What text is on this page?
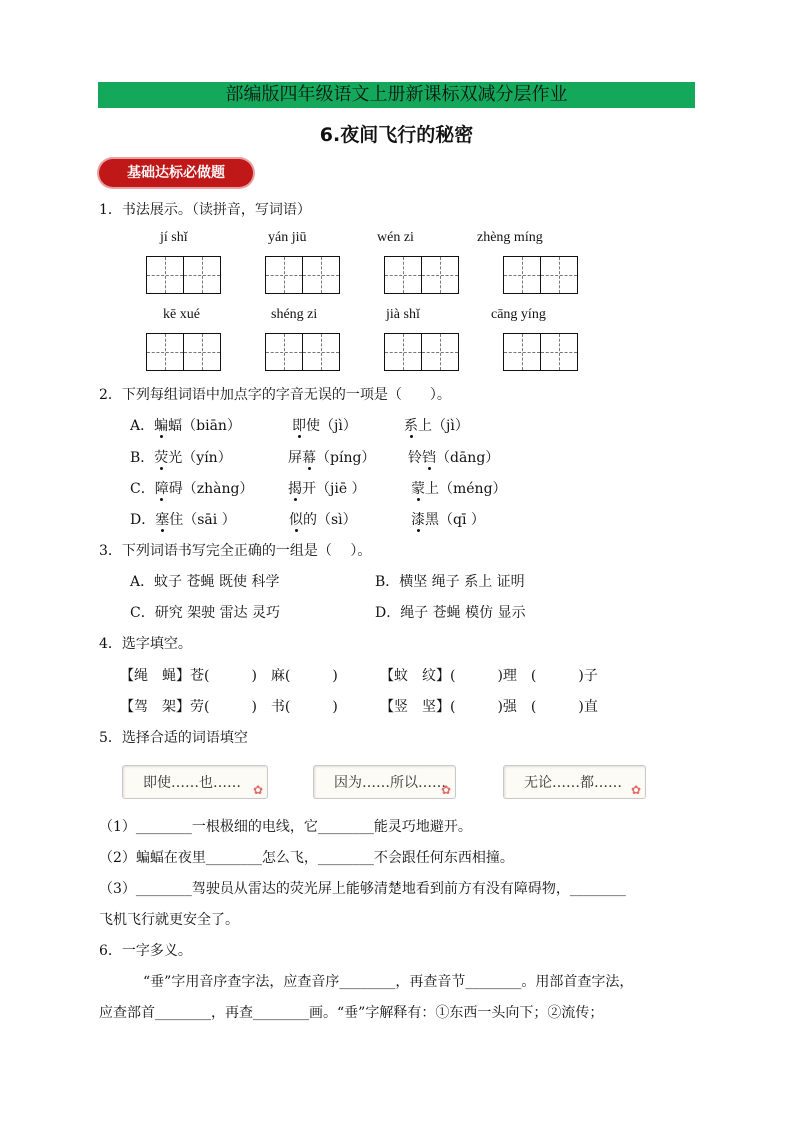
部编版四年级语文上册新课标双减分层作业
6.夜间飞行的秘密
基础达标必做题
1．书法展示。（读拼音，写词语）
jí shǐ	yán jiū	wén zi	zhèng míng
kē xué	shéng zi	jià shǐ	cāng yíng
2．下列每组词语中加点字的字音无误的一项是（　　）。
A．蝙蝠（biān）	即使（jì）	系上（jì）
B．荧光（yín）	屏幕（píng） 铃铛（dāng）
C．障碍（zhàng） 揭开（jiē ）	蒙上（méng）
D．塞住（sāi ）	似的（sì）	漆黑（qī ）
3．下列词语书写完全正确的一组是（　 ）。
A．蚊子 苍蝇 既使 科学	B．横坚 绳子 系上 证明
C．研究 架驶 雷达 灵巧	D．绳子 苍蝇 模仿 显示
4．选字填空。
【绳　蝇】苍(　　　)　麻(　　　)	【蚊　纹】(　　　)理　(　　　)子
【驾　架】劳(　　　)　书(　　　)	【竖　坚】(　　　)强　(　　　)直
5．选择合适的词语填空
即使……也…… ✿	因为……所以……
✿	无论……都…… ✿
（1）________一根极细的电线，它________能灵巧地避开。
（2）蝙蝠在夜里________怎么飞，________不会跟任何东西相撞。
（3）________驾驶员从雷达的荧光屏上能够清楚地看到前方有没有障碍物，________
飞机飞行就更安全了。
6．一字多义。
“垂”字用音序查字法，应查音序________，再查音节________。用部首查字法，
应查部首________，再查________画。“垂”字解释有：①东西一头向下；②流传；
